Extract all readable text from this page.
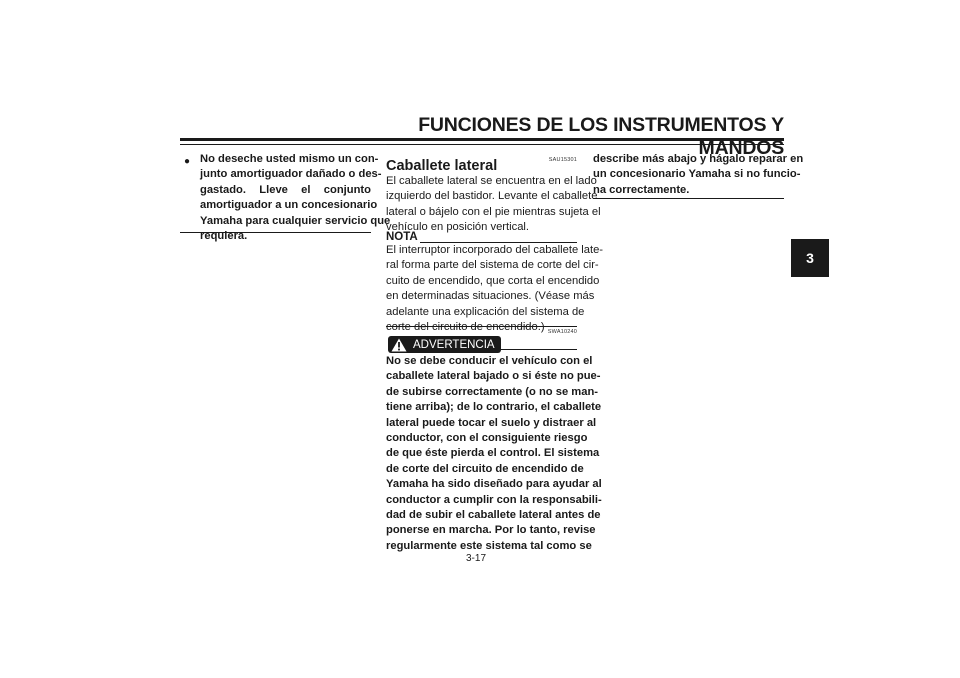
FUNCIONES DE LOS INSTRUMENTOS Y MANDOS
3
● No deseche usted mismo un con-
junto amortiguador dañado o des-
gastado. Lleve el conjunto
amortiguador a un concesionario
Yamaha para cualquier servicio que
requiera.
SAU15301
Caballete lateral
El caballete lateral se encuentra en el lado
izquierdo del bastidor. Levante el caballete
lateral o bájelo con el pie mientras sujeta el
vehículo en posición vertical.
NOTA
El interruptor incorporado del caballete late-
ral forma parte del sistema de corte del cir-
cuito de encendido, que corta el encendido
en determinadas situaciones. (Véase más
adelante una explicación del sistema de
corte del circuito de encendido.) SWA10240
ADVERTENCIA
No se debe conducir el vehículo con el
caballete lateral bajado o si éste no pue-
de subirse correctamente (o no se man-
tiene arriba); de lo contrario, el caballete
lateral puede tocar el suelo y distraer al
conductor, con el consiguiente riesgo
de que éste pierda el control. El sistema
de corte del circuito de encendido de
Yamaha ha sido diseñado para ayudar al
conductor a cumplir con la responsabili-
dad de subir el caballete lateral antes de
ponerse en marcha. Por lo tanto, revise
regularmente este sistema tal como se
describe más abajo y hágalo reparar en
un concesionario Yamaha si no funcio-
na correctamente.
3-17
